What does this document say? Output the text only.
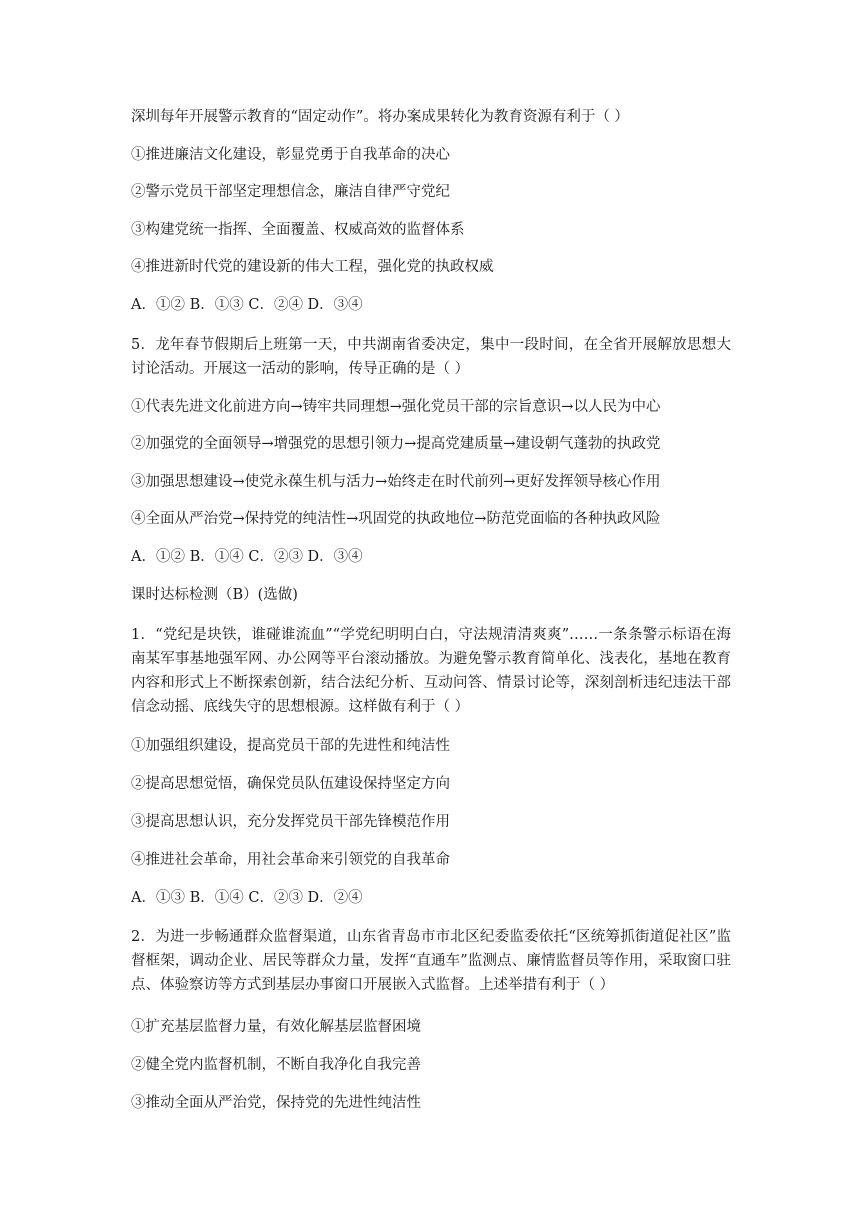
深圳每年开展警示教育的“固定动作”。将办案成果转化为教育资源有利于（ ）
①推进廉洁文化建设，彰显党勇于自我革命的决心
②警示党员干部坚定理想信念，廉洁自律严守党纪
③构建党统一指挥、全面覆盖、权威高效的监督体系
④推进新时代党的建设新的伟大工程，强化党的执政权威
A．①② B．①③ C．②④ D．③④
5．龙年春节假期后上班第一天，中共湖南省委决定，集中一段时间，在全省开展解放思想大讨论活动。开展这一活动的影响，传导正确的是（ ）
①代表先进文化前进方向→铸牢共同理想→强化党员干部的宗旨意识→以人民为中心
②加强党的全面领导→增强党的思想引领力→提高党建质量→建设朝气蓬勃的执政党
③加强思想建设→使党永葆生机与活力→始终走在时代前列→更好发挥领导核心作用
④全面从严治党→保持党的纯洁性→巩固党的执政地位→防范党面临的各种执政风险
A．①② B．①④ C．②③ D．③④
课时达标检测（B）(选做)
1．“党纪是块铁，谁碰谁流血”“学党纪明明白白，守法规清清爽爽”……一条条警示标语在海南某军事基地强军网、办公网等平台滚动播放。为避免警示教育简单化、浅表化，基地在教育内容和形式上不断探索创新，结合法纪分析、互动问答、情景讨论等，深刻剖析违纪违法干部信念动摇、底线失守的思想根源。这样做有利于（ ）
①加强组织建设，提高党员干部的先进性和纯洁性
②提高思想觉悟，确保党员队伍建设保持坚定方向
③提高思想认识，充分发挥党员干部先锋模范作用
④推进社会革命，用社会革命来引领党的自我革命
A．①③ B．①④ C．②③ D．②④
2．为进一步畅通群众监督渠道，山东省青岛市市北区纪委监委依托“区统筹抓街道促社区”监督框架，调动企业、居民等群众力量，发挥“直通车”监测点、廉情监督员等作用，采取窗口驻点、体验察访等方式到基层办事窗口开展嵌入式监督。上述举措有利于（ ）
①扩充基层监督力量，有效化解基层监督困境
②健全党内监督机制，不断自我净化自我完善
③推动全面从严治党，保持党的先进性纯洁性
